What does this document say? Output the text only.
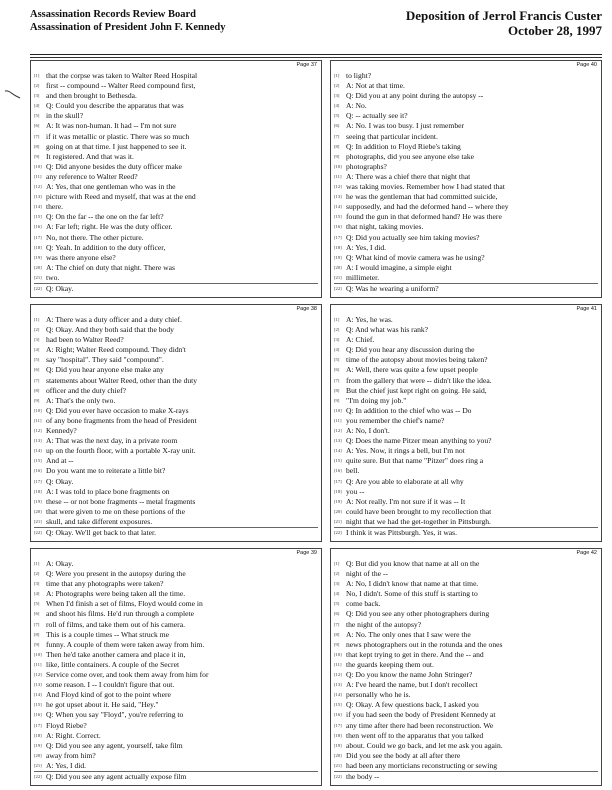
Assassination Records Review Board
Assassination of President John F. Kennedy
Deposition of Jerrol Francis Custer
October 28, 1997
Page 37
[1] that the corpse was taken to Walter Reed Hospital
[2] first -- compound -- Walter Reed compound first,
[3] and then brought to Bethesda.
[4] Q: Could you describe the apparatus that was
[5] in the skull?
[6] A: It was non-human. It had -- I'm not sure
[7] if it was metallic or plastic. There was so much
[8] going on at that time. I just happened to see it.
[9] It registered. And that was it.
[10] Q: Did anyone besides the duty officer make
[11] any reference to Walter Reed?
[12] A: Yes, that one gentleman who was in the
[13] picture with Reed and myself, that was at the end
[14] there.
[15] Q: On the far -- the one on the far left?
[16] A: Far left; right. He was the duty officer.
[17] No, not there. The other picture.
[18] Q: Yeah. In addition to the duty officer,
[19] was there anyone else?
[20] A: The chief on duty that night. There was
[21] two.
[22] Q: Okay.
Page 40
[1] to light?
[2] A: Not at that time.
[3] Q: Did you at any point during the autopsy --
[4] A: No.
[5] Q: -- actually see it?
[6] A: No. I was too busy. I just remember
[7] seeing that particular incident.
[8] Q: In addition to Floyd Riebe's taking
[9] photographs, did you see anyone else take
[10] photographs?
[11] A: There was a chief there that night that
[12] was taking movies. Remember how I had stated that
[13] he was the gentleman that had committed suicide,
[14] supposedly, and had the deformed hand -- where they
[15] found the gun in that deformed hand? He was there
[16] that night, taking movies.
[17] Q: Did you actually see him taking movies?
[18] A: Yes, I did.
[19] Q: What kind of movie camera was he using?
[20] A: I would imagine, a simple eight
[21] millimeter.
[22] Q: Was he wearing a uniform?
Page 38
[1] A: There was a duty officer and a duty chief.
[2] Q: Okay. And they both said that the body
[3] had been to Walter Reed?
[4] A: Right; Walter Reed compound. They didn't
[5] say "hospital". They said "compound".
[6] Q: Did you hear anyone else make any
[7] statements about Walter Reed, other than the duty
[8] officer and the duty chief?
[9] A: That's the only two.
[10] Q: Did you ever have occasion to make X-rays
[11] of any bone fragments from the head of President
[12] Kennedy?
[13] A: That was the next day, in a private room
[14] up on the fourth floor, with a portable X-ray unit.
[15] And at --
[16] Do you want me to reiterate a little bit?
[17] Q: Okay.
[18] A: I was told to place bone fragments on
[19] these -- or not bone fragments -- metal fragments
[20] that were given to me on these portions of the
[21] skull, and take different exposures.
[22] Q: Okay. We'll get back to that later.
Page 41
[1] A: Yes, he was.
[2] Q: And what was his rank?
[3] A: Chief.
[4] Q: Did you hear any discussion during the
[5] time of the autopsy about movies being taken?
[6] A: Well, there was quite a few upset people
[7] from the gallery that were -- didn't like the idea.
[8] But the chief just kept right on going. He said,
[9] "I'm doing my job."
[10] Q: In addition to the chief who was -- Do
[11] you remember the chief's name?
[12] A: No, I don't.
[13] Q: Does the name Pitzer mean anything to you?
[14] A: Yes. Now, it rings a bell, but I'm not
[15] quite sure. But that name "Pitzer" does ring a
[16] bell.
[17] Q: Are you able to elaborate at all why
[18] you --
[19] A: Not really. I'm not sure if it was -- It
[20] could have been brought to my recollection that
[21] night that we had the get-together in Pittsburgh.
[22] I think it was Pittsburgh. Yes, it was.
Page 39
[1] A: Okay.
[2] Q: Were you present in the autopsy during the
[3] time that any photographs were taken?
[4] A: Photographs were being taken all the time.
[5] When I'd finish a set of films, Floyd would come in
[6] and shoot his films. He'd run through a complete
[7] roll of films, and take them out of his camera.
[8] This is a couple times -- What struck me
[9] funny. A couple of them were taken away from him.
[10] Then he'd take another camera and place it in,
[11] like, little containers. A couple of the Secret
[12] Service come over, and took them away from him for
[13] some reason. I -- I couldn't figure that out.
[14] And Floyd kind of got to the point where
[15] he got upset about it. He said, "Hey."
[16] Q: When you say "Floyd", you're referring to
[17] Floyd Riebe?
[18] A: Right. Correct.
[19] Q: Did you see any agent, yourself, take film
[20] away from him?
[21] A: Yes, I did.
[22] Q: Did you see any agent actually expose film
Page 42
[1] Q: But did you know that name at all on the
[2] night of the --
[3] A: No, I didn't know that name at that time.
[4] No, I didn't. Some of this stuff is starting to
[5] come back.
[6] Q: Did you see any other photographers during
[7] the night of the autopsy?
[8] A: No. The only ones that I saw were the
[9] news photographers out in the rotunda and the ones
[10] that kept trying to get in there. And the -- and
[11] the guards keeping them out.
[12] Q: Do you know the name John Stringer?
[13] A: I've heard the name, but I don't recollect
[14] personally who he is.
[15] Q: Okay. A few questions back, I asked you
[16] if you had seen the body of President Kennedy at
[17] any time after there had been reconstruction. We
[18] then went off to the apparatus that you talked
[19] about. Could we go back, and let me ask you again.
[20] Did you see the body at all after there
[21] had been any morticians reconstructing or sewing
[22] the body --
